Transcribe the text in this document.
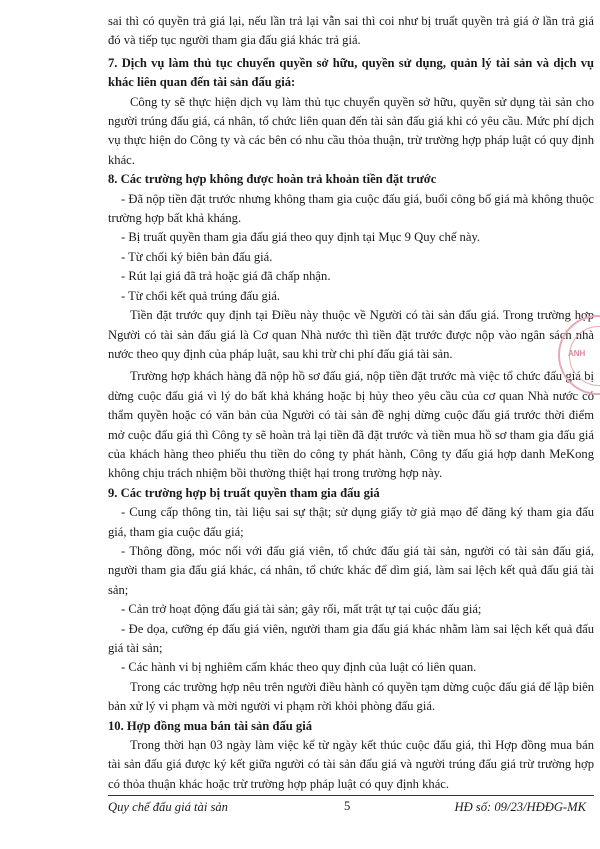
sai thì có quyền trả giá lại, nếu lần trả lại vẫn sai thì coi như bị truất quyền trả giá ở lần trả giá đó và tiếp tục người tham gia đấu giá khác trả giá.

7. Dịch vụ làm thủ tục chuyển quyền sở hữu, quyền sử dụng, quản lý tài sản và dịch vụ khác liên quan đến tài sản đấu giá:

Công ty sẽ thực hiện dịch vụ làm thủ tục chuyển quyền sở hữu, quyền sử dụng tài sản cho người trúng đấu giá, cá nhân, tổ chức liên quan đến tài sản đấu giá khi có yêu cầu. Mức phí dịch vụ thực hiện do Công ty và các bên có nhu cầu thỏa thuận, trừ trường hợp pháp luật có quy định khác.

8. Các trường hợp không được hoàn trả khoản tiền đặt trước

- Đã nộp tiền đặt trước nhưng không tham gia cuộc đấu giá, buổi công bố giá mà không thuộc trường hợp bất khả kháng.

- Bị truất quyền tham gia đấu giá theo quy định tại Mục 9 Quy chế này.

- Từ chối ký biên bản đấu giá.

- Rút lại giá đã trả hoặc giá đã chấp nhận.

- Từ chối kết quả trúng đấu giá.

Tiền đặt trước quy định tại Điều này thuộc về Người có tài sản đấu giá. Trong trường hợp Người có tài sản đấu giá là Cơ quan Nhà nước thì tiền đặt trước được nộp vào ngân sách nhà nước theo quy định của pháp luật, sau khi trừ chi phí đấu giá tài sản.

Trường hợp khách hàng đã nộp hồ sơ đấu giá, nộp tiền đặt trước mà việc tổ chức đấu giá bị dừng cuộc đấu giá vì lý do bất khả kháng hoặc bị hủy theo yêu cầu của cơ quan Nhà nước có thẩm quyền hoặc có văn bản của Người có tài sản đề nghị dừng cuộc đấu giá trước thời điểm mở cuộc đấu giá thì Công ty sẽ hoàn trả lại tiền đã đặt trước và tiền mua hồ sơ tham gia đấu giá của khách hàng theo phiếu thu tiền do công ty phát hành, Công ty đấu giá hợp danh MeKong không chịu trách nhiệm bồi thường thiệt hại trong trường hợp này.

9. Các trường hợp bị truất quyền tham gia đấu giá

- Cung cấp thông tin, tài liệu sai sự thật; sử dụng giấy tờ giả mạo để đăng ký tham gia đấu giá, tham gia cuộc đấu giá;

- Thông đồng, móc nối với đấu giá viên, tổ chức đấu giá tài sản, người có tài sản đấu giá, người tham gia đấu giá khác, cá nhân, tổ chức khác để dìm giá, làm sai lệch kết quả đấu giá tài sản;

- Cản trở hoạt động đấu giá tài sản; gây rối, mất trật tự tại cuộc đấu giá;

- Đe dọa, cưỡng ép đấu giá viên, người tham gia đấu giá khác nhằm làm sai lệch kết quả đấu giá tài sản;

- Các hành vi bị nghiêm cấm khác theo quy định của luật có liên quan.

Trong các trường hợp nêu trên người điều hành có quyền tạm dừng cuộc đấu giá để lập biên bản xử lý vi phạm và mời người vi phạm rời khỏi phòng đấu giá.

10. Hợp đồng mua bán tài sản đấu giá

Trong thời hạn 03 ngày làm việc kể từ ngày kết thúc cuộc đấu giá, thì Hợp đồng mua bán tài sản đấu giá được ký kết giữa người có tài sản đấu giá và người trúng đấu giá trừ trường hợp có thỏa thuận khác hoặc trừ trường hợp pháp luật có quy định khác.

ANH
Quy chế đấu giá tài sản	5	HĐ số: 09/23/HĐĐG-MK
